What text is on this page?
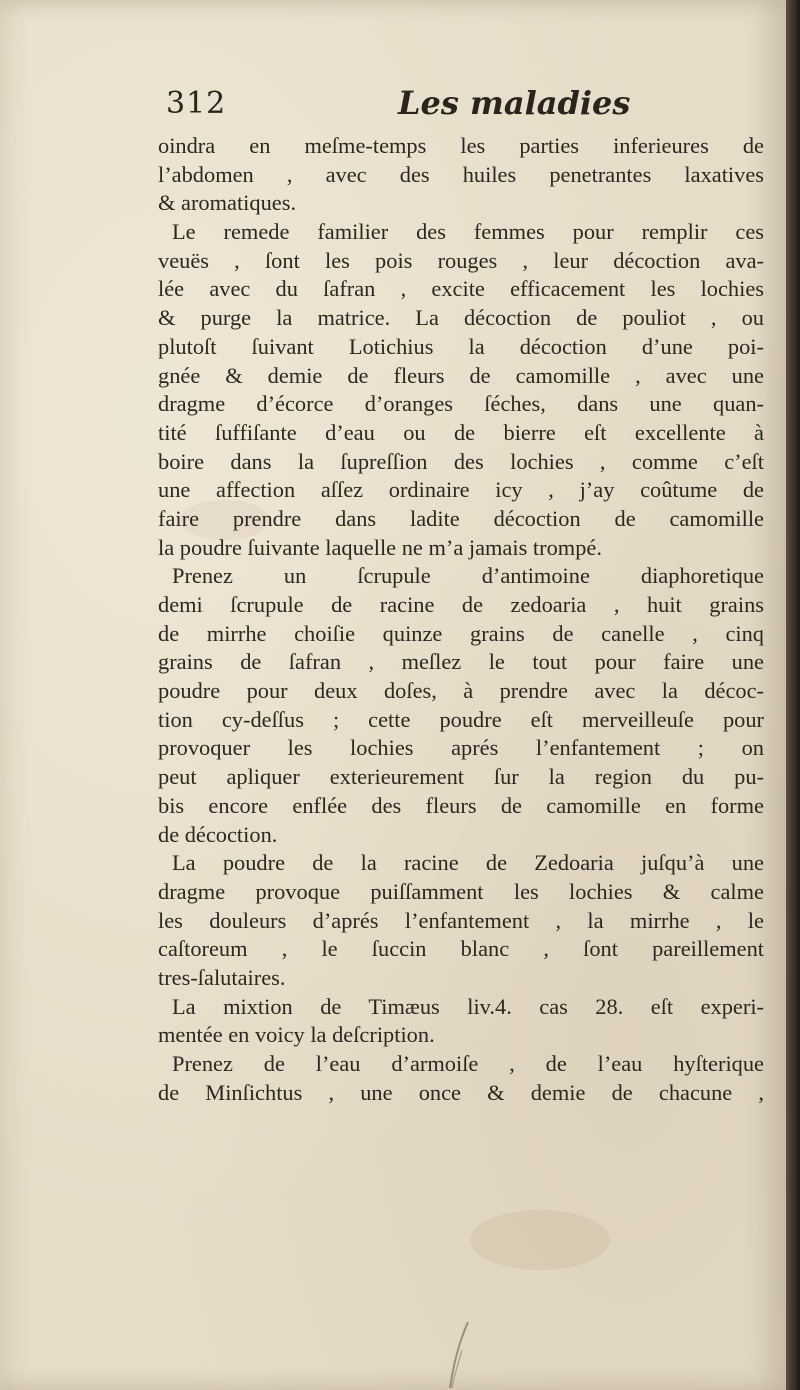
312	Les maladies
oindra en meſme-temps les parties inferieures de
l’abdomen , avec des huiles penetrantes laxatives
& aromatiques.
Le remede familier des femmes pour remplir ces
veuës , ſont les pois rouges , leur décoction ava-
lée avec du ſafran , excite efficacement les lochies
& purge la matrice. La décoction de pouliot , ou
plutoſt ſuivant Lotichius la décoction d’une poi-
gnée & demie de fleurs de camomille , avec une
dragme d’écorce d’oranges ſéches, dans une quan-
tité ſuffiſante d’eau ou de bierre eſt excellente à
boire dans la ſupreſſion des lochies , comme c’eſt
une affection aſſez ordinaire icy , j’ay coûtume de
faire prendre dans ladite décoction de camomille
la poudre ſuivante laquelle ne m’a jamais trompé.
Prenez un ſcrupule d’antimoine diaphoretique
demi ſcrupule de racine de zedoaria , huit grains
de mirrhe choiſie quinze grains de canelle , cinq
grains de ſafran , meſlez le tout pour faire une
poudre pour deux doſes, à prendre avec la décoc-
tion cy-deſſus ; cette poudre eſt merveilleuſe pour
provoquer les lochies aprés l’enfantement ; on
peut apliquer exterieurement ſur la region du pu-
bis encore enflée des fleurs de camomille en forme
de décoction.
La poudre de la racine de Zedoaria juſqu’à une
dragme provoque puiſſamment les lochies & calme
les douleurs d’aprés l’enfantement , la mirrhe , le
caſtoreum , le ſuccin blanc , ſont pareillement
tres-ſalutaires.
La mixtion de Timæus liv.4. cas 28. eſt experi-
mentée en voicy la deſcription.
Prenez de l’eau d’armoiſe , de l’eau hyſterique
de Minſichtus , une once & demie de chacune ,
